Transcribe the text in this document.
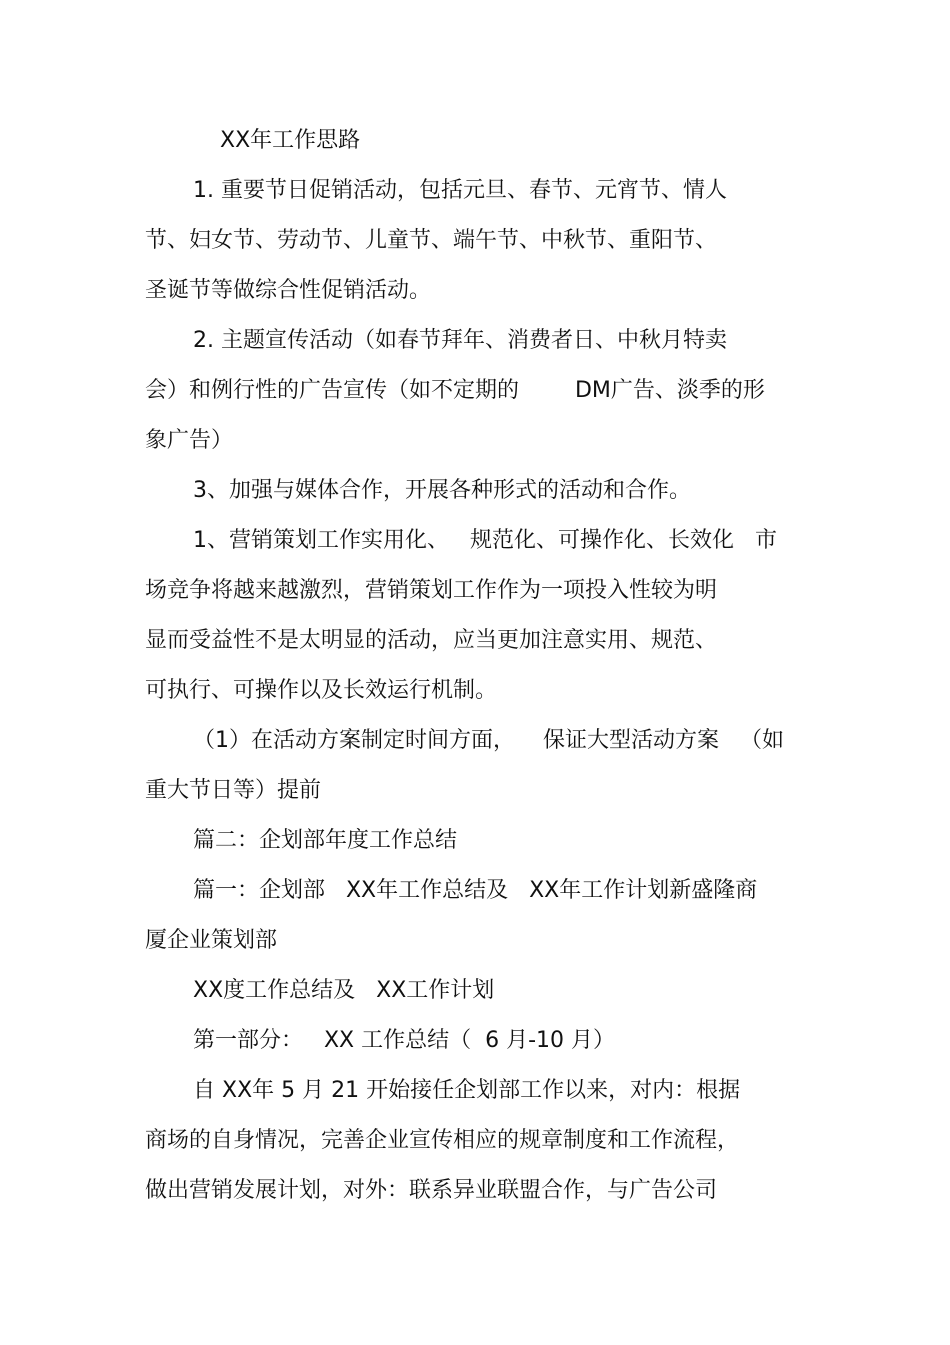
XX年工作思路
1. 重要节日促销活动，包括元旦、春节、元宵节、情人
节、妇女节、劳动节、儿童节、端午节、中秋节、重阳节、
圣诞节等做综合性促销活动。
2. 主题宣传活动（如春节拜年、消费者日、中秋月特卖
会）和例行性的广告宣传（如不定期的        DM广告、淡季的形
象广告）
3、加强与媒体合作，开展各种形式的活动和合作。
1、营销策划工作实用化、   规范化、可操作化、长效化   市
场竞争将越来越激烈，营销策划工作作为一项投入性较为明
显而受益性不是太明显的活动，应当更加注意实用、规范、
可执行、可操作以及长效运行机制。
（1）在活动方案制定时间方面，    保证大型活动方案   （如
重大节日等）提前
篇二：企划部年度工作总结
篇一：企划部   XX年工作总结及   XX年工作计划新盛隆商
厦企业策划部
XX度工作总结及   XX工作计划
第一部分：   XX 工作总结（  6 月-10 月）
自 XX年 5 月 21 开始接任企划部工作以来，对内：根据
商场的自身情况，完善企业宣传相应的规章制度和工作流程，
做出营销发展计划，对外：联系异业联盟合作，与广告公司
